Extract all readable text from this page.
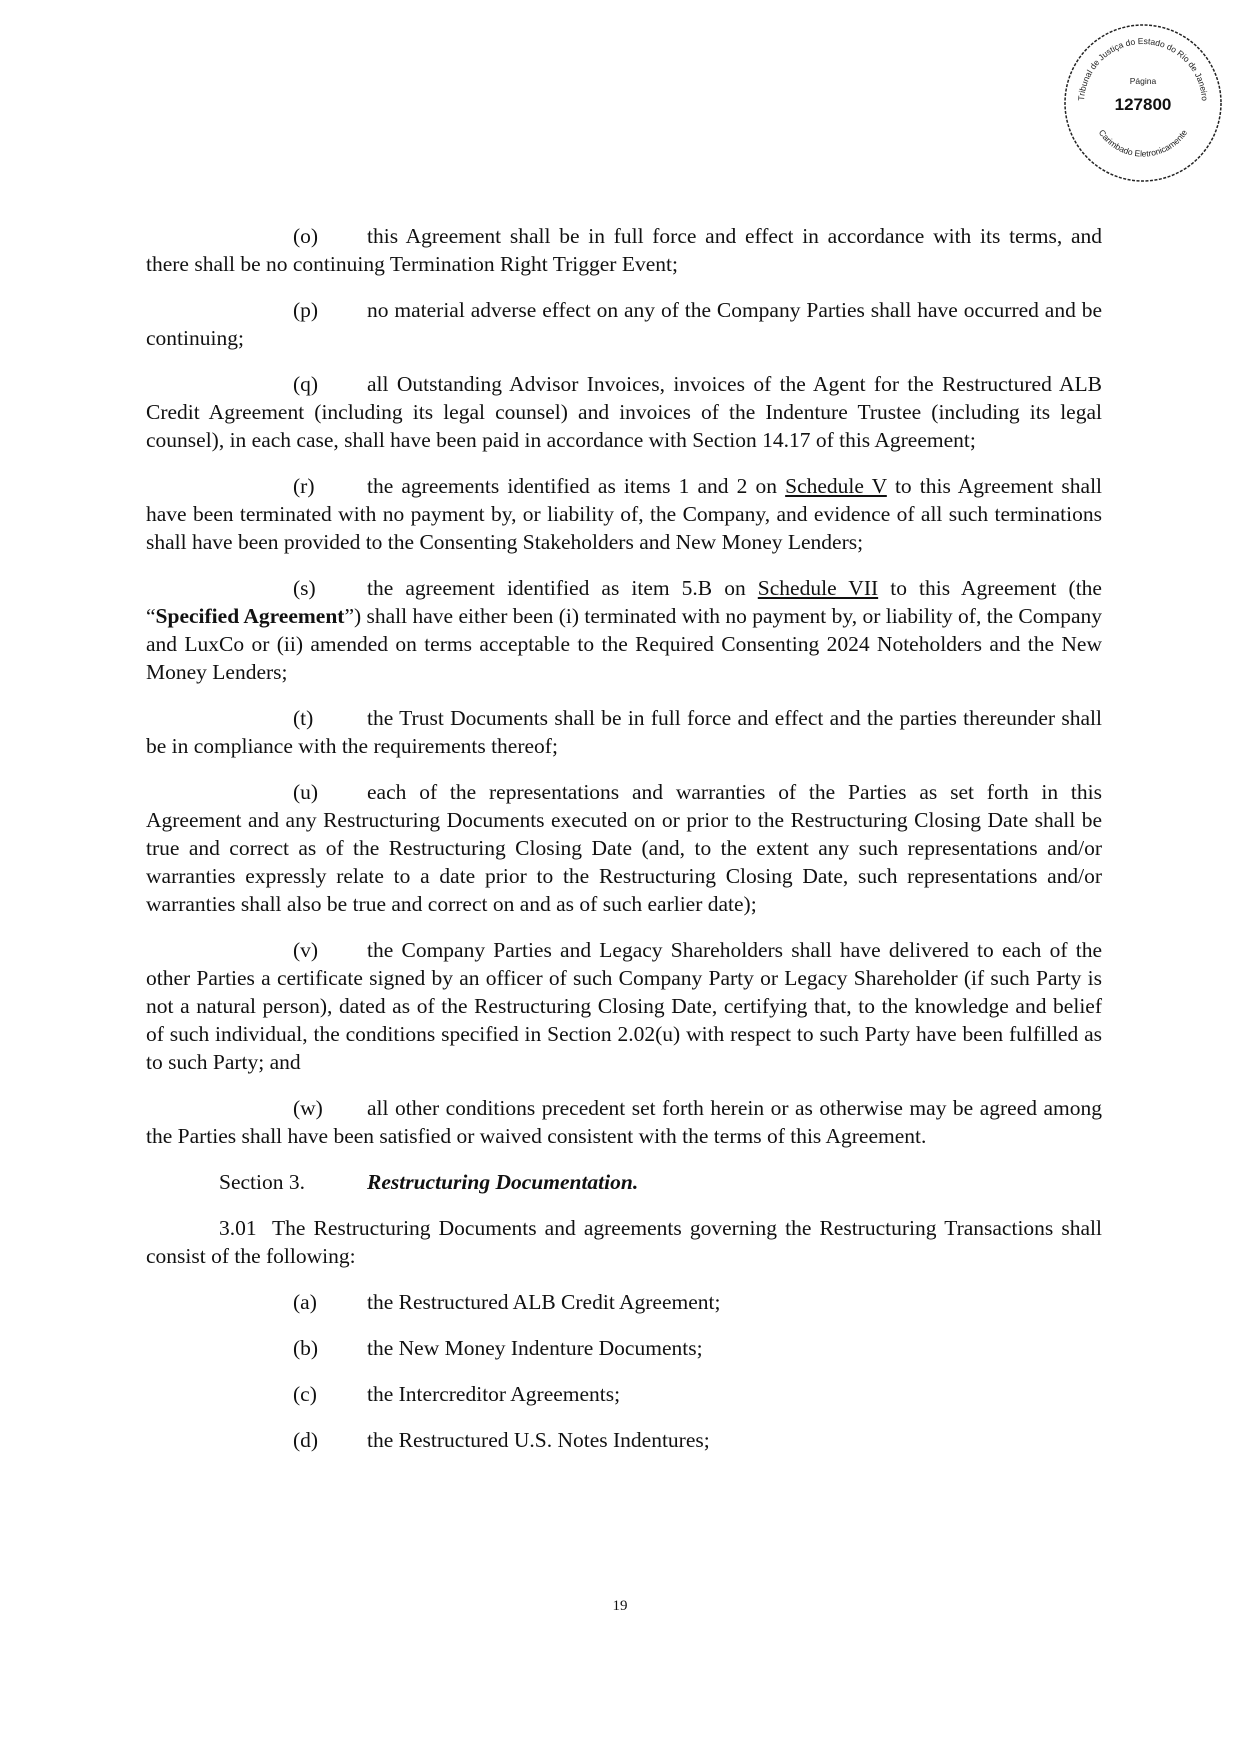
Tribunal de Justiça do Estado do Rio de Janeiro
Carimbado Eletronicamente
Página
127800

(o) this Agreement shall be in full force and effect in accordance with its terms, and there shall be no continuing Termination Right Trigger Event;

(p) no material adverse effect on any of the Company Parties shall have occurred and be continuing;

(q) all Outstanding Advisor Invoices, invoices of the Agent for the Restructured ALB Credit Agreement (including its legal counsel) and invoices of the Indenture Trustee (including its legal counsel), in each case, shall have been paid in accordance with Section 14.17 of this Agreement;

(r) the agreements identified as items 1 and 2 on Schedule V to this Agreement shall have been terminated with no payment by, or liability of, the Company, and evidence of all such terminations shall have been provided to the Consenting Stakeholders and New Money Lenders;

(s) the agreement identified as item 5.B on Schedule VII to this Agreement (the “Specified Agreement”) shall have either been (i) terminated with no payment by, or liability of, the Company and LuxCo or (ii) amended on terms acceptable to the Required Consenting 2024 Noteholders and the New Money Lenders;

(t) the Trust Documents shall be in full force and effect and the parties thereunder shall be in compliance with the requirements thereof;

(u) each of the representations and warranties of the Parties as set forth in this Agreement and any Restructuring Documents executed on or prior to the Restructuring Closing Date shall be true and correct as of the Restructuring Closing Date (and, to the extent any such representations and/or warranties expressly relate to a date prior to the Restructuring Closing Date, such representations and/or warranties shall also be true and correct on and as of such earlier date);

(v) the Company Parties and Legacy Shareholders shall have delivered to each of the other Parties a certificate signed by an officer of such Company Party or Legacy Shareholder (if such Party is not a natural person), dated as of the Restructuring Closing Date, certifying that, to the knowledge and belief of such individual, the conditions specified in Section 2.02(u) with respect to such Party have been fulfilled as to such Party; and

(w) all other conditions precedent set forth herein or as otherwise may be agreed among the Parties shall have been satisfied or waived consistent with the terms of this Agreement.

Section 3.	Restructuring Documentation.

3.01 The Restructuring Documents and agreements governing the Restructuring Transactions shall consist of the following:

(a) the Restructured ALB Credit Agreement;
(b) the New Money Indenture Documents;
(c) the Intercreditor Agreements;
(d) the Restructured U.S. Notes Indentures;
19
